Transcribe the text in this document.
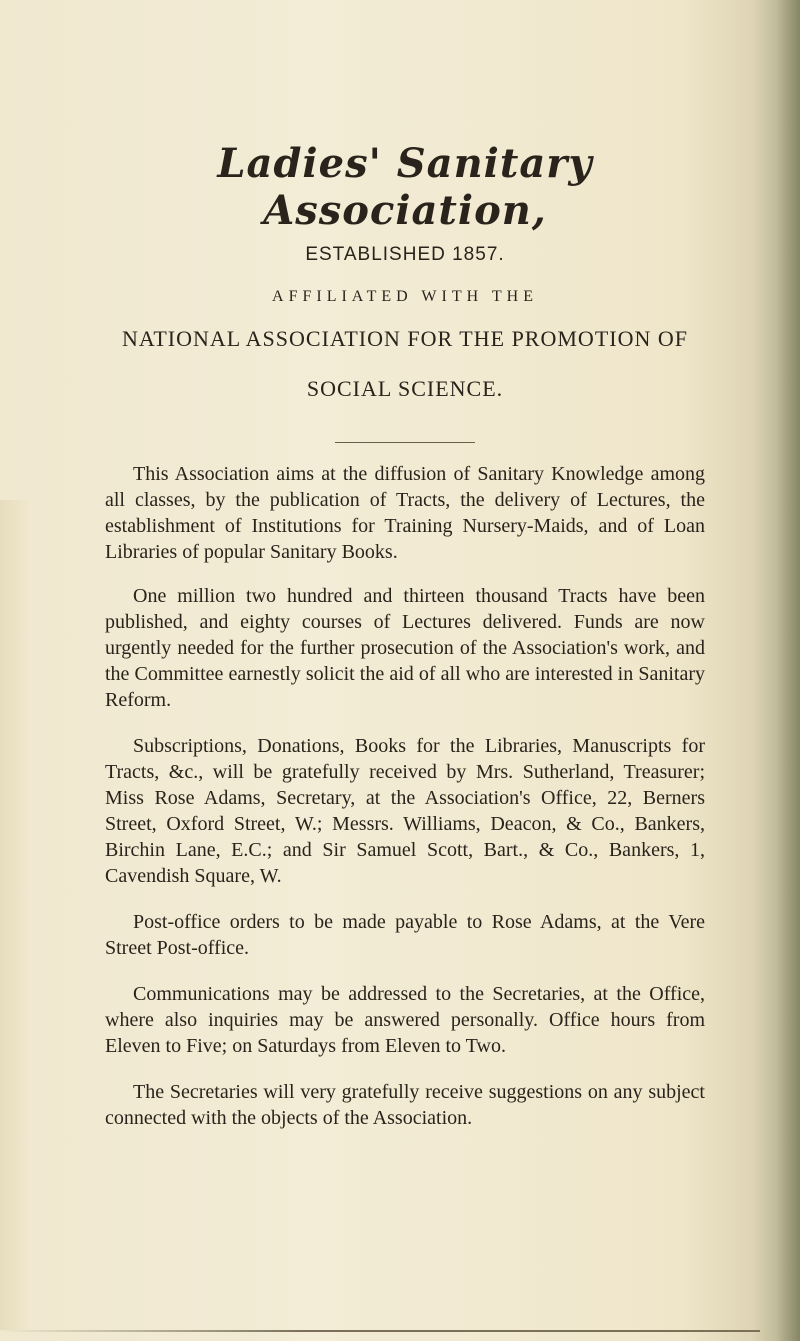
Ladies' Sanitary Association,
ESTABLISHED 1857.
AFFILIATED WITH THE
NATIONAL ASSOCIATION FOR THE PROMOTION OF
SOCIAL SCIENCE.

This Association aims at the diffusion of Sanitary Knowledge among all classes, by the publication of Tracts, the delivery of Lectures, the establishment of Institutions for Training Nursery-Maids, and of Loan Libraries of popular Sanitary Books.

One million two hundred and thirteen thousand Tracts have been published, and eighty courses of Lectures delivered. Funds are now urgently needed for the further prosecution of the Association's work, and the Committee earnestly solicit the aid of all who are interested in Sanitary Reform.

Subscriptions, Donations, Books for the Libraries, Manuscripts for Tracts, &c., will be gratefully received by Mrs. Sutherland, Treasurer; Miss Rose Adams, Secretary, at the Association's Office, 22, Berners Street, Oxford Street, W.; Messrs. Williams, Deacon, & Co., Bankers, Birchin Lane, E.C.; and Sir Samuel Scott, Bart., & Co., Bankers, 1, Cavendish Square, W.

Post-office orders to be made payable to Rose Adams, at the Vere Street Post-office.

Communications may be addressed to the Secretaries, at the Office, where also inquiries may be answered personally. Office hours from Eleven to Five; on Saturdays from Eleven to Two.

The Secretaries will very gratefully receive suggestions on any subject connected with the objects of the Association.
